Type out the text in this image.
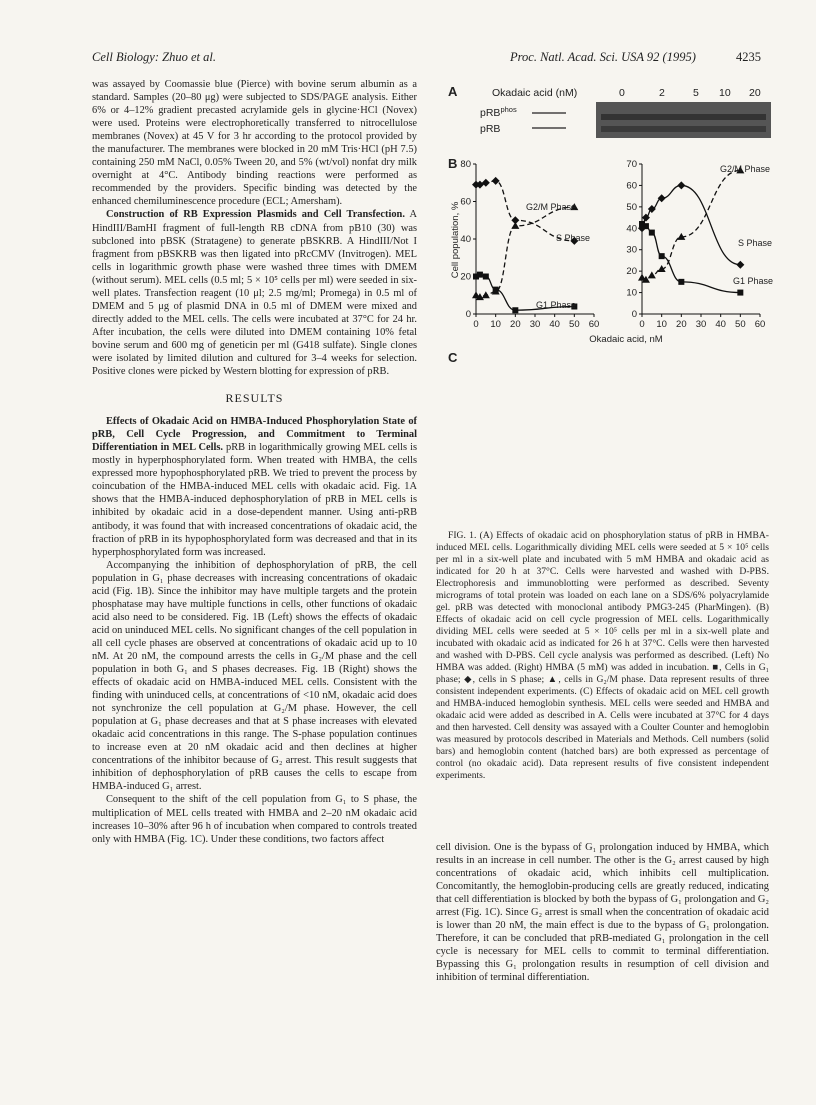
Cell Biology: Zhuo et al.	Proc. Natl. Acad. Sci. USA 92 (1995)	4235

was assayed by Coomassie blue (Pierce) with bovine serum albumin as a standard. Samples (20–80 μg) were subjected to SDS/PAGE analysis. Either 6% or 4–12% gradient precasted acrylamide gels in glycine·HCl (Novex) were used. Proteins were electrophoretically transferred to nitrocellulose membranes (Novex) at 45 V for 3 hr according to the protocol provided by the manufacturer. The membranes were blocked in 20 mM Tris·HCl (pH 7.5) containing 250 mM NaCl, 0.05% Tween 20, and 5% (wt/vol) nonfat dry milk overnight at 4°C. Antibody binding reactions were performed as recommended by the providers. Specific binding was detected by the enhanced chemiluminescence procedure (ECL; Amersham).

Construction of RB Expression Plasmids and Cell Transfection. A HindIII/BamHI fragment of full-length RB cDNA from pB10 (30) was subcloned into pBSK (Stratagene) to generate pBSKRB. A HindIII/Not I fragment from pBSKRB was then ligated into pRcCMV (Invitrogen). MEL cells in logarithmic growth phase were washed three times with DMEM (without serum). MEL cells (0.5 ml; 5 × 10⁵ cells per ml) were seeded in six-well plates. Transfection reagent (10 μl; 2.5 mg/ml; Promega) in 0.5 ml of DMEM and 5 μg of plasmid DNA in 0.5 ml of DMEM were mixed and directly added to the MEL cells. The cells were incubated at 37°C for 24 hr. After incubation, the cells were diluted into DMEM containing 10% fetal bovine serum and 600 mg of geneticin per ml (G418 sulfate). Single clones were isolated by limited dilution and cultured for 3–4 weeks for selection. Positive clones were picked by Western blotting for expression of pRB.

RESULTS

Effects of Okadaic Acid on HMBA-Induced Phosphorylation State of pRB, Cell Cycle Progression, and Commitment to Terminal Differentiation in MEL Cells. pRB in logarithmically growing MEL cells is mostly in hyperphosphorylated form. When treated with HMBA, the cells expressed more hypophosphorylated pRB. We tried to prevent the process by coincubation of the HMBA-induced MEL cells with okadaic acid. Fig. 1A shows that the HMBA-induced dephosphorylation of pRB in MEL cells is inhibited by okadaic acid in a dose-dependent manner. Using anti-pRB antibody, it was found that with increased concentrations of okadaic acid, the fraction of pRB in its hypophosphorylated form was decreased and that in its hyperphosphorylated form was increased.

Accompanying the inhibition of dephosphorylation of pRB, the cell population in G₁ phase decreases with increasing concentrations of okadaic acid (Fig. 1B). Since the inhibitor may have multiple targets and the protein phosphatase may have multiple functions in cells, other functions of okadaic acid also need to be considered. Fig. 1B (Left) shows the effects of okadaic acid on uninduced MEL cells. No significant changes of the cell population in all cell cycle phases are observed at concentrations of okadaic acid up to 10 nM. At 20 nM, the compound arrests the cells in G₂/M phase and the cell population in both G₁ and S phases decreases. Fig. 1B (Right) shows the effects of okadaic acid on HMBA-induced MEL cells. Consistent with the finding with uninduced cells, at concentrations of <10 nM, okadaic acid does not synchronize the cell population at G₂/M phase. However, the cell population at G₁ phase decreases and that at S phase increases with elevated okadaic acid concentrations in this range. The S-phase population continues to increase even at 20 nM okadaic acid and then declines at higher concentrations of the inhibitor because of G₂ arrest. This result suggests that inhibition of dephosphorylation of pRB causes the cells to escape from HMBA-induced G₁ arrest.

Consequent to the shift of the cell population from G₁ to S phase, the multiplication of MEL cells treated with HMBA and 2–20 nM okadaic acid increases 10–30% after 96 h of incubation when compared to controls treated only with HMBA (Fig. 1C). Under these conditions, two factors affect

A	Okadaic acid (nM)	0	2	5 10 20
pRB$^{phos}$
pRB
B
C
0 10 20 30 40 50 60
0
20
40
60
80
G1 Phase
S Phase
G2/M Phase
Okadaic acid, nM
Cell population, %
0 10 20 30 40 50 60
0
10
20
30
40
50
60
70
G1 Phase
S Phase
G2/M Phase

FIG. 1. (A) Effects of okadaic acid on phosphorylation status of pRB in HMBA-induced MEL cells. Logarithmically dividing MEL cells were seeded at 5 × 10⁵ cells per ml in a six-well plate and incubated with 5 mM HMBA and okadaic acid as indicated for 20 h at 37°C. Cells were harvested and washed with D-PBS. Electrophoresis and immunoblotting were performed as described. Seventy micrograms of total protein was loaded on each lane on a SDS/6% polyacrylamide gel. pRB was detected with monoclonal antibody PMG3-245 (PharMingen). (B) Effects of okadaic acid on cell cycle progression of MEL cells. Logarithmically dividing MEL cells were seeded at 5 × 10⁵ cells per ml in a six-well plate and incubated with okadaic acid as indicated for 26 h at 37°C. Cells were then harvested and washed with D-PBS. Cell cycle analysis was performed as described. (Left) No HMBA was added. (Right) HMBA (5 mM) was added in incubation. ■, Cells in G₁ phase; ◆, cells in S phase; ▲, cells in G₂/M phase. Data represent results of three consistent independent experiments. (C) Effects of okadaic acid on MEL cell growth and HMBA-induced hemoglobin synthesis. MEL cells were seeded and HMBA and okadaic acid were added as described in A. Cells were incubated at 37°C for 4 days and then harvested. Cell density was assayed with a Coulter Counter and hemoglobin was measured by protocols described in Materials and Methods. Cell numbers (solid bars) and hemoglobin content (hatched bars) are both expressed as percentage of control (no okadaic acid). Data represent results of five consistent independent experiments.

cell division. One is the bypass of G₁ prolongation induced by HMBA, which results in an increase in cell number. The other is the G₂ arrest caused by high concentrations of okadaic acid, which inhibits cell multiplication. Concomitantly, the hemoglobin-producing cells are greatly reduced, indicating that cell differentiation is blocked by both the bypass of G₁ prolongation and G₂ arrest (Fig. 1C). Since G₂ arrest is small when the concentration of okadaic acid is lower than 20 nM, the main effect is due to the bypass of G₁ prolongation. Therefore, it can be concluded that pRB-mediated G₁ prolongation in the cell cycle is necessary for MEL cells to commit to terminal differentiation. Bypassing this G₁ prolongation results in resumption of cell division and inhibition of terminal differentiation.
